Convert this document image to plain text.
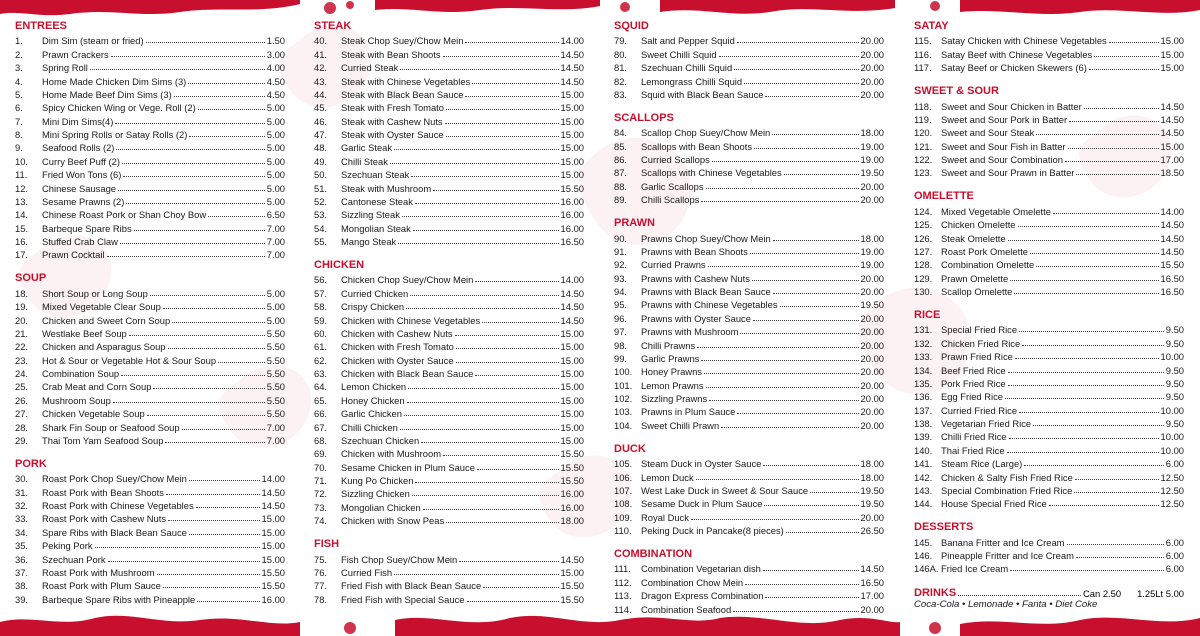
ENTREES
1.	Dim Sim (steam or fried)	1.50
2.	Prawn Crackers	3.00
3.	Spring Roll	4.00
4.	Home Made Chicken Dim Sims (3)	4.50
5.	Home Made Beef Dim Sims (3)	4.50
6.	Spicy Chicken Wing or Vege. Roll (2)	5.00
7.	Mini Dim Sims(4)	5.00
8.	Mini Spring Rolls or Satay Rolls (2)	5.00
9.	Seafood Rolls (2)	5.00
10.	Curry Beef Puff (2)	5.00
11.	Fried Won Tons (6)	5.00
12.	Chinese Sausage	5.00
13.	Sesame Prawns (2)	5.00
14.	Chinese Roast Pork or Shan Choy Bow	6.50
15.	Barbeque Spare Ribs	7.00
16.	Stuffed Crab Claw	7.00
17.	Prawn Cocktail	7.00
SOUP
18.	Short Soup or Long Soup	5.00
19.	Mixed Vegetable Clear Soup	5.00
20.	Chicken and Sweet Corn Soup	5.00
21.	Westlake Beef Soup	5.50
22.	Chicken and Asparagus Soup	5.50
23.	Hot & Sour or Vegetable Hot & Sour Soup	5.50
24.	Combination Soup	5.50
25.	Crab Meat and Corn Soup	5.50
26.	Mushroom Soup	5.50
27.	Chicken Vegetable Soup	5.50
28.	Shark Fin Soup or Seafood Soup	7.00
29.	Thai Tom Yam Seafood Soup	7.00
PORK
30.	Roast Pork Chop Suey/Chow Mein	14.00
31.	Roast Pork with Bean Shoots	14.50
32.	Roast Pork with Chinese Vegetables	14.50
33.	Roast Pork with Cashew Nuts	15.00
34.	Spare Ribs with Black Bean Sauce	15.00
35.	Peking Pork	15.00
36.	Szechuan Pork	15.00
37.	Roast Pork with Mushroom	15.50
38.	Roast Pork with Plum Sauce	15.50
39.	Barbeque Spare Ribs with Pineapple	16.00
STEAK
40.	Steak Chop Suey/Chow Mein	14.00
41.	Steak with Bean Shoots	14.50
42.	Curried Steak	14.50
43.	Steak with Chinese Vegetables	14.50
44.	Steak with Black Bean Sauce	15.00
45.	Steak with Fresh Tomato	15.00
46.	Steak with Cashew Nuts	15.00
47.	Steak with Oyster Sauce	15.00
48.	Garlic Steak	15.00
49.	Chilli Steak	15.00
50.	Szechuan Steak	15.00
51.	Steak with Mushroom	15.50
52.	Cantonese Steak	16.00
53.	Sizzling Steak	16.00
54.	Mongolian Steak	16.00
55.	Mango Steak	16.50
CHICKEN
56.	Chicken Chop Suey/Chow Mein	14.00
57.	Curried Chicken	14.50
58.	Crispy Chicken	14.50
59.	Chicken with Chinese Vegetables	14.50
60.	Chicken with Cashew Nuts	15.00
61.	Chicken with Fresh Tomato	15.00
62.	Chicken with Oyster Sauce	15.00
63.	Chicken with Black Bean Sauce	15.00
64.	Lemon Chicken	15.00
65.	Honey Chicken	15.00
66.	Garlic Chicken	15.00
67.	Chilli Chicken	15.00
68.	Szechuan Chicken	15.00
69.	Chicken with Mushroom	15.50
70.	Sesame Chicken in Plum Sauce	15.50
71.	Kung Po Chicken	15.50
72.	Sizzling Chicken	16.00
73.	Mongolian Chicken	16.00
74.	Chicken with Snow Peas	18.00
FISH
75.	Fish Chop Suey/Chow Mein	14.50
76.	Curried Fish	15.00
77.	Fried Fish with Black Bean Sauce	15.50
78.	Fried Fish with Special Sauce	15.50
SQUID
79.	Salt and Pepper Squid	20.00
80.	Sweet Chilli Squid	20.00
81.	Szechuan Chilli Squid	20.00
82.	Lemongrass Chilli Squid	20.00
83.	Squid with Black Bean Sauce	20.00
SCALLOPS
84.	Scallop Chop Suey/Chow Mein	18.00
85.	Scallops with Bean Shoots	19.00
86.	Curried Scallops	19.00
87.	Scallops with Chinese Vegetables	19.50
88.	Garlic Scallops	20.00
89.	Chilli Scallops	20.00
PRAWN
90.	Prawns Chop Suey/Chow Mein	18.00
91.	Prawns with Bean Shoots	19.00
92.	Curried Prawns	19.00
93.	Prawns with Cashew Nuts	20.00
94.	Prawns with Black Bean Sauce	20.00
95.	Prawns with Chinese Vegetables	19.50
96.	Prawns with Oyster Sauce	20.00
97.	Prawns with Mushroom	20.00
98.	Chilli Prawns	20.00
99.	Garlic Prawns	20.00
100. Honey Prawns	20.00
101. Lemon Prawns	20.00
102. Sizzling Prawns	20.00
103. Prawns in Plum Sauce	20.00
104. Sweet Chilli Prawn	20.00
DUCK
105. Steam Duck in Oyster Sauce	18.00
106. Lemon Duck	18.00
107. West Lake Duck in Sweet & Sour Sauce	19.50
108. Sesame Duck in Plum Sauce	19.50
109. Royal Duck	20.00
110.	Peking Duck in Pancake(8 pieces)	26.50
COMBINATION
111.	Combination Vegetarian dish	14.50
112.	Combination Chow Mein	16.50
113.	Dragon Express Combination	17.00
114.	Combination Seafood	20.00
SATAY
115.	Satay Chicken with Chinese Vegetables	15.00
116.	Satay Beef with Chinese Vegetables	15.00
117.	Satay Beef or Chicken Skewers (6)	15.00
SWEET & SOUR
118.	Sweet and Sour Chicken in Batter	14.50
119.	Sweet and Sour Pork in Batter	14.50
120. Sweet and Sour Steak	14.50
121. Sweet and Sour Fish in Batter	15.00
122. Sweet and Sour Combination	17.00
123. Sweet and Sour Prawn in Batter	18.50
OMELETTE
124. Mixed Vegetable Omelette	14.00
125. Chicken Omelette	14.50
126. Steak Omelette	14.50
127. Roast Pork Omelette	14.50
128. Combination Omelette	15.50
129. Prawn Omelette	16.50
130. Scallop Omelette	16.50
RICE
131. Special Fried Rice	9.50
132. Chicken Fried Rice	9.50
133. Prawn Fried Rice	10.00
134. Beef Fried Rice	9.50
135. Pork Fried Rice	9.50
136. Egg Fried Rice	9.50
137. Curried Fried Rice	10.00
138. Vegetarian Fried Rice	9.50
139. Chilli Fried Rice	10.00
140. Thai Fried Rice	10.00
141. Steam Rice (Large)	6.00
142. Chicken & Salty Fish Fried Rice	12.50
143. Special Combination Fried Rice	12.50
144. House Special Fried Rice	12.50
DESSERTS
145. Banana Fritter and Ice Cream	6.00
146. Pineapple Fritter and Ice Cream	6.00
146A. Fried Ice Cream	6.00
DRINKS	Can 2.50 1.25Lt 5.00
Coca-Cola • Lemonade • Fanta • Diet Coke
